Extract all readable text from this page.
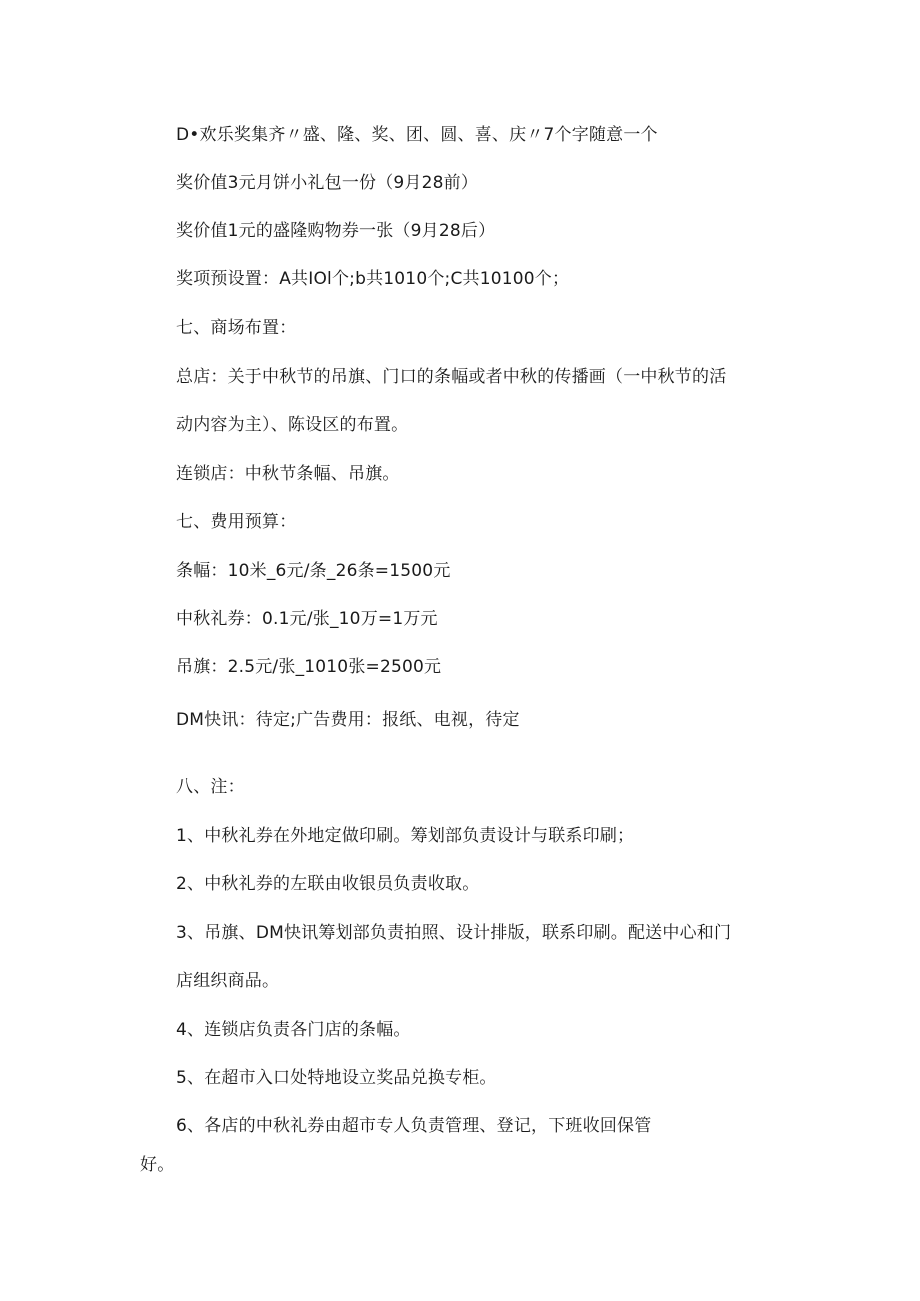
D•欢乐奖集齐〃盛、隆、奖、团、圆、喜、庆〃7个字随意一个
奖价值3元月饼小礼包一份（9月28前）
奖价值1元的盛隆购物券一张（9月28后）
奖项预设置：A共IOl个;b共1010个;C共10100个；
七、商场布置：
总店：关于中秋节的吊旗、门口的条幅或者中秋的传播画（一中秋节的活
动内容为主）、陈设区的布置。
连锁店：中秋节条幅、吊旗。
七、费用预算：
条幅：10米_6元/条_26条=1500元
中秋礼券：0.1元/张_10万=1万元
吊旗：2.5元/张_1010张=2500元
DM快讯：待定;广告费用：报纸、电视，待定
八、注：
1、中秋礼券在外地定做印刷。筹划部负责设计与联系印刷；
2、中秋礼券的左联由收银员负责收取。
3、吊旗、DM快讯筹划部负责拍照、设计排版，联系印刷。配送中心和门
店组织商品。
4、连锁店负责各门店的条幅。
5、在超市入口处特地设立奖品兑换专柜。
6、各店的中秋礼券由超市专人负责管理、登记，下班收回保管
好。
